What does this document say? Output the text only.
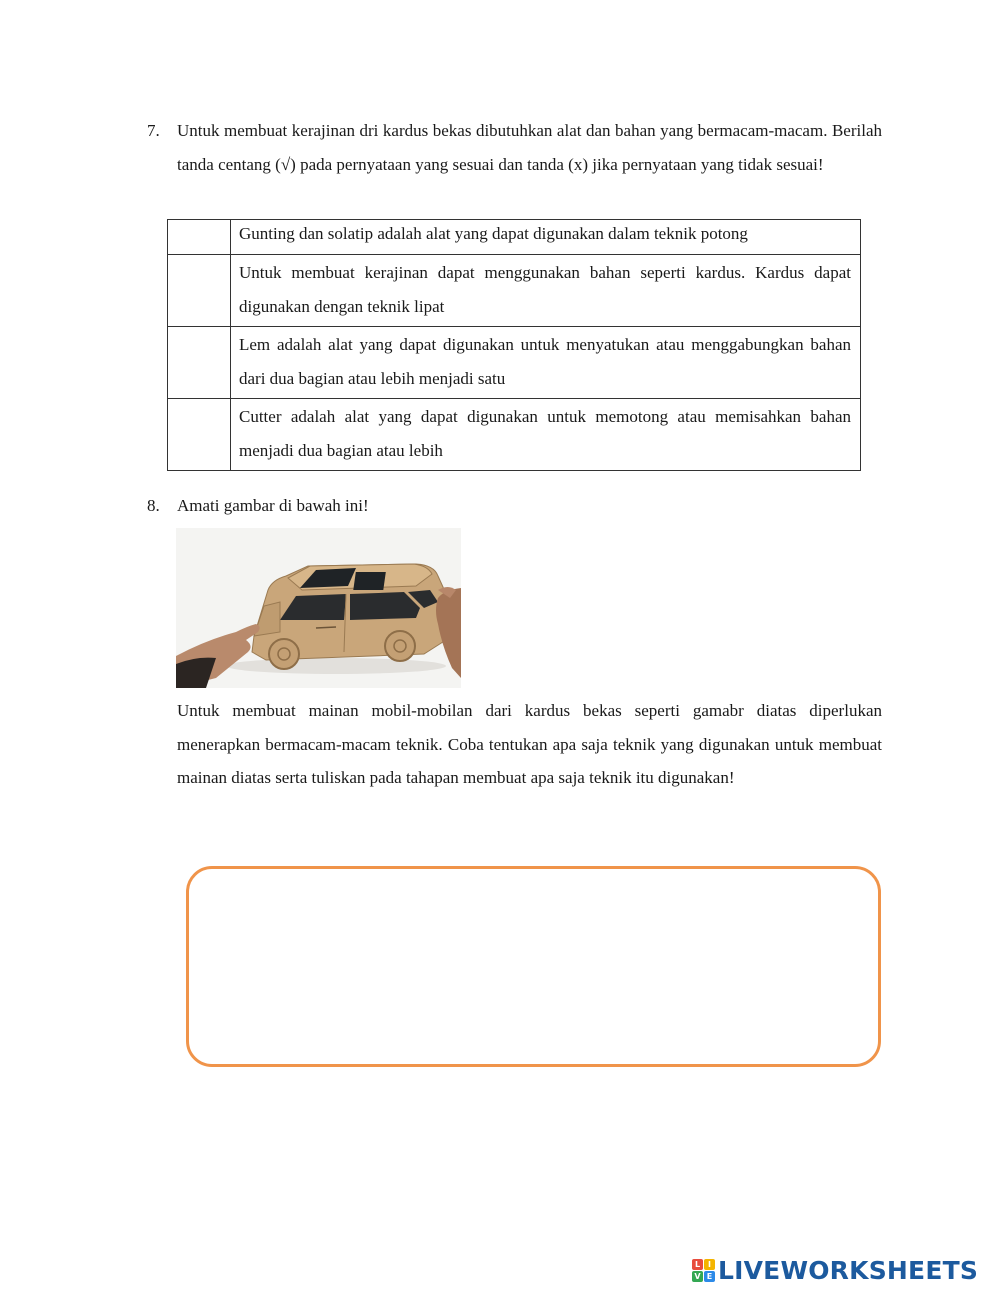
7. Untuk membuat kerajinan dri kardus bekas dibutuhkan alat dan bahan yang bermacam-macam. Berilah tanda centang (√) pada pernyataan yang sesuai dan tanda (x) jika pernyataan yang tidak sesuai!
	Gunting dan solatip adalah alat yang dapat digunakan dalam teknik potong
	Untuk membuat kerajinan dapat menggunakan bahan seperti kardus. Kardus dapat digunakan dengan teknik lipat
	Lem adalah alat yang dapat digunakan untuk menyatukan atau menggabungkan bahan dari dua bagian atau lebih menjadi satu
	Cutter adalah alat yang dapat digunakan untuk memotong atau memisahkan bahan menjadi dua bagian atau lebih
8. Amati gambar di bawah ini!
Untuk membuat mainan mobil-mobilan dari kardus bekas seperti gamabr diatas diperlukan menerapkan bermacam-macam teknik. Coba tentukan apa saja teknik yang digunakan untuk membuat mainan diatas serta tuliskan pada tahapan membuat apa saja teknik itu digunakan!
L I
V E LIVEWORKSHEETS
